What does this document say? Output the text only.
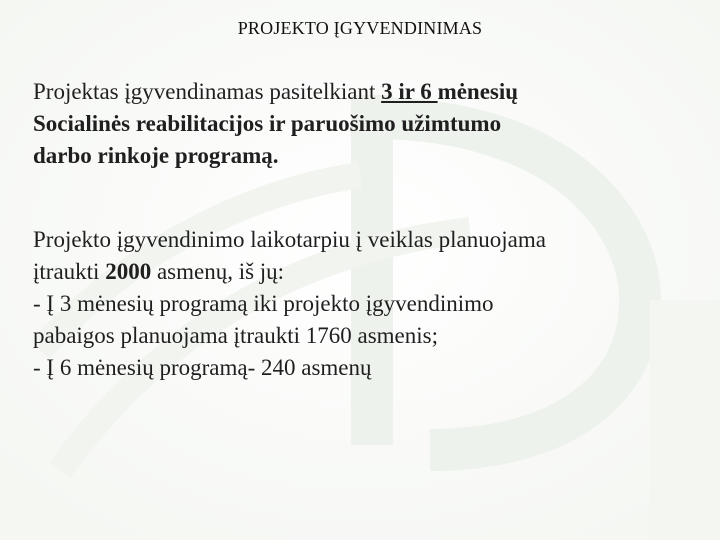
PROJEKTO ĮGYVENDINIMAS
Projektas įgyvendinamas pasitelkiant 3 ir 6 mėnesių
Socialinės reabilitacijos ir paruošimo užimtumo
darbo rinkoje programą.
Projekto įgyvendinimo laikotarpiu į veiklas planuojama
įtraukti 2000 asmenų, iš jų:
- Į 3 mėnesių programą iki projekto įgyvendinimo
pabaigos planuojama įtraukti 1760 asmenis;
- Į 6 mėnesių programą- 240 asmenų
